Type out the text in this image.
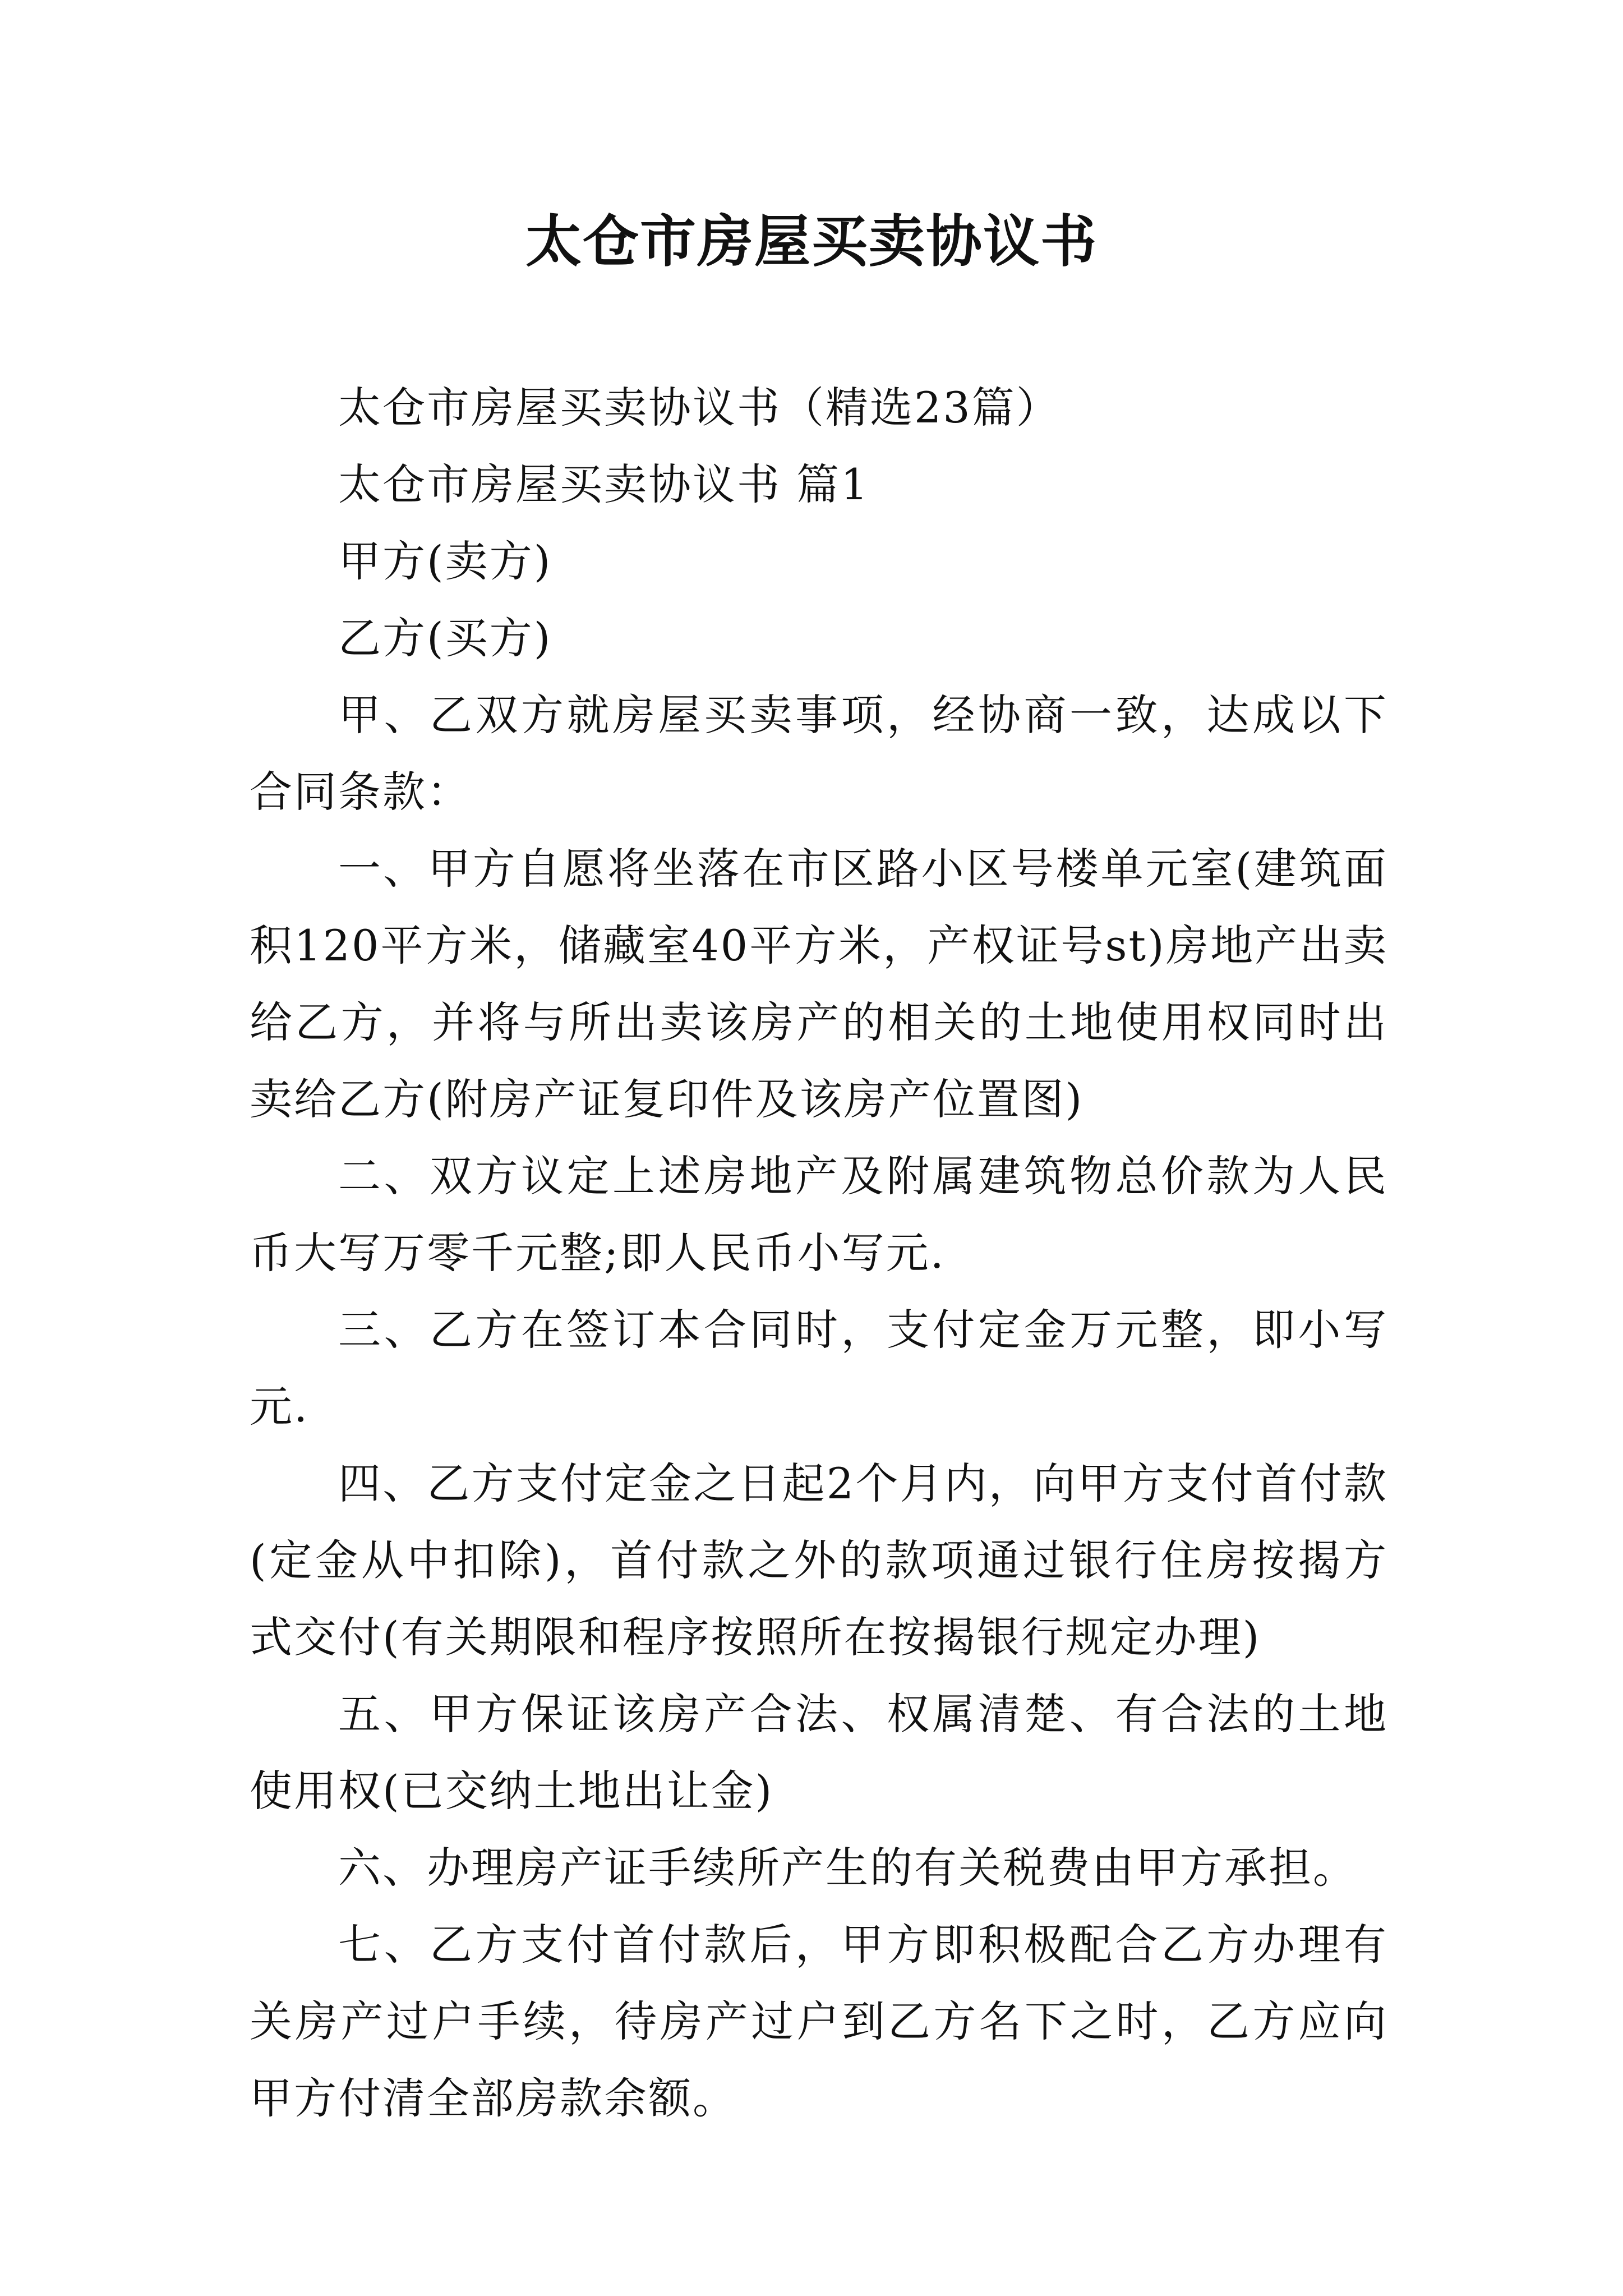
太仓市房屋买卖协议书

太仓市房屋买卖协议书（精选23篇）

太仓市房屋买卖协议书 篇1

甲方(卖方)

乙方(买方)

甲、乙双方就房屋买卖事项，经协商一致，达成以下合同条款：

一、甲方自愿将坐落在市区路小区号楼单元室(建筑面积120平方米，储藏室40平方米，产权证号st)房地产出卖给乙方，并将与所出卖该房产的相关的土地使用权同时出卖给乙方(附房产证复印件及该房产位置图)

二、双方议定上述房地产及附属建筑物总价款为人民币大写万零千元整;即人民币小写元.

三、乙方在签订本合同时，支付定金万元整，即小写元.

四、乙方支付定金之日起2个月内，向甲方支付首付款(定金从中扣除)，首付款之外的款项通过银行住房按揭方式交付(有关期限和程序按照所在按揭银行规定办理)

五、甲方保证该房产合法、权属清楚、有合法的土地使用权(已交纳土地出让金)

六、办理房产证手续所产生的有关税费由甲方承担。

七、乙方支付首付款后，甲方即积极配合乙方办理有关房产过户手续，待房产过户到乙方名下之时，乙方应向甲方付清全部房款余额。
